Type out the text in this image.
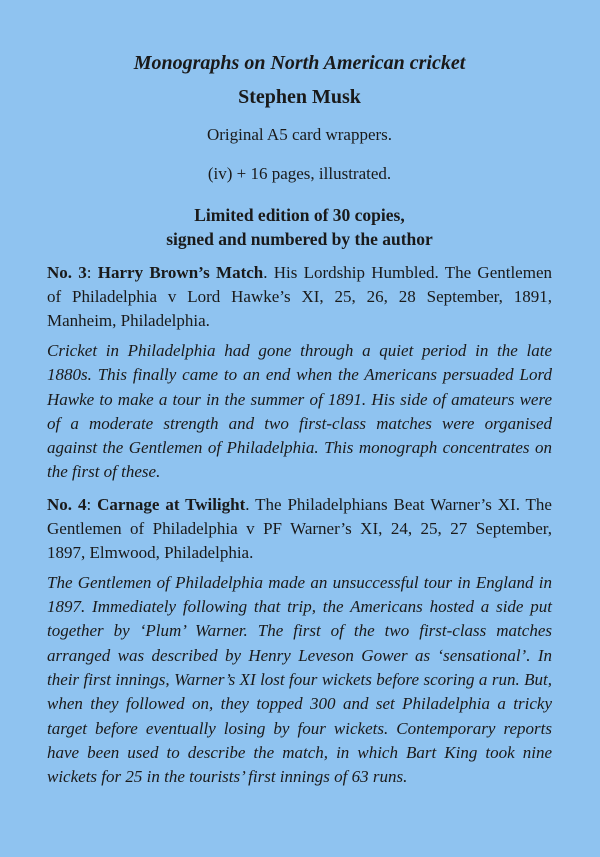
Monographs on North American cricket
Stephen Musk
Original A5 card wrappers.
(iv) + 16 pages, illustrated.
Limited edition of 30 copies,
signed and numbered by the author

No. 3: Harry Brown’s Match. His Lordship Humbled. The Gentlemen of Philadelphia v Lord Hawke’s XI, 25, 26, 28 September, 1891, Manheim, Philadelphia.

Cricket in Philadelphia had gone through a quiet period in the late 1880s. This finally came to an end when the Americans persuaded Lord Hawke to make a tour in the summer of 1891. His side of amateurs were of a moderate strength and two first-class matches were organised against the Gentlemen of Philadelphia. This monograph concentrates on the first of these.

No. 4: Carnage at Twilight. The Philadelphians Beat Warner’s XI. The Gentlemen of Philadelphia v PF Warner’s XI, 24, 25, 27 September, 1897, Elmwood, Philadelphia.

The Gentlemen of Philadelphia made an unsuccessful tour in England in 1897. Immediately following that trip, the Americans hosted a side put together by ‘Plum’ Warner. The first of the two first-class matches arranged was described by Henry Leveson Gower as ‘sensational’. In their first innings, Warner’s XI lost four wickets before scoring a run. But, when they followed on, they topped 300 and set Philadelphia a tricky target before eventually losing by four wickets. Contemporary reports have been used to describe the match, in which Bart King took nine wickets for 25 in the tourists’ first innings of 63 runs.
